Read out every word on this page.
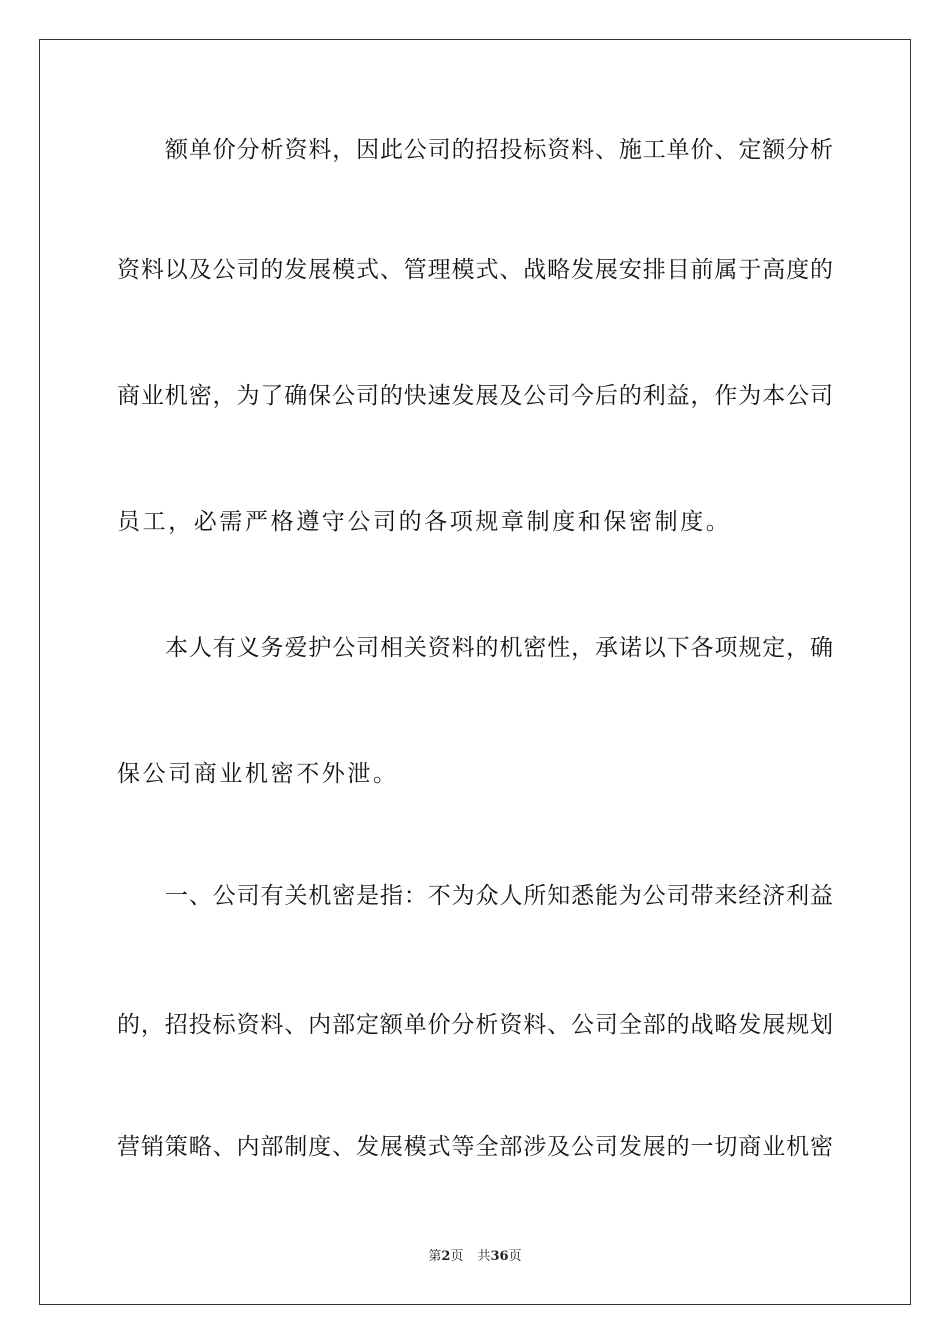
额单价分析资料，因此公司的招投标资料、施工单价、定额分析
资料以及公司的发展模式、管理模式、战略发展安排目前属于高度的
商业机密，为了确保公司的快速发展及公司今后的利益，作为本公司
员工，必需严格遵守公司的各项规章制度和保密制度。
本人有义务爱护公司相关资料的机密性，承诺以下各项规定，确
保公司商业机密不外泄。
一、公司有关机密是指：不为众人所知悉能为公司带来经济利益
的，招投标资料、内部定额单价分析资料、公司全部的战略发展规划
营销策略、内部制度、发展模式等全部涉及公司发展的一切商业机密
第2页 共36页
